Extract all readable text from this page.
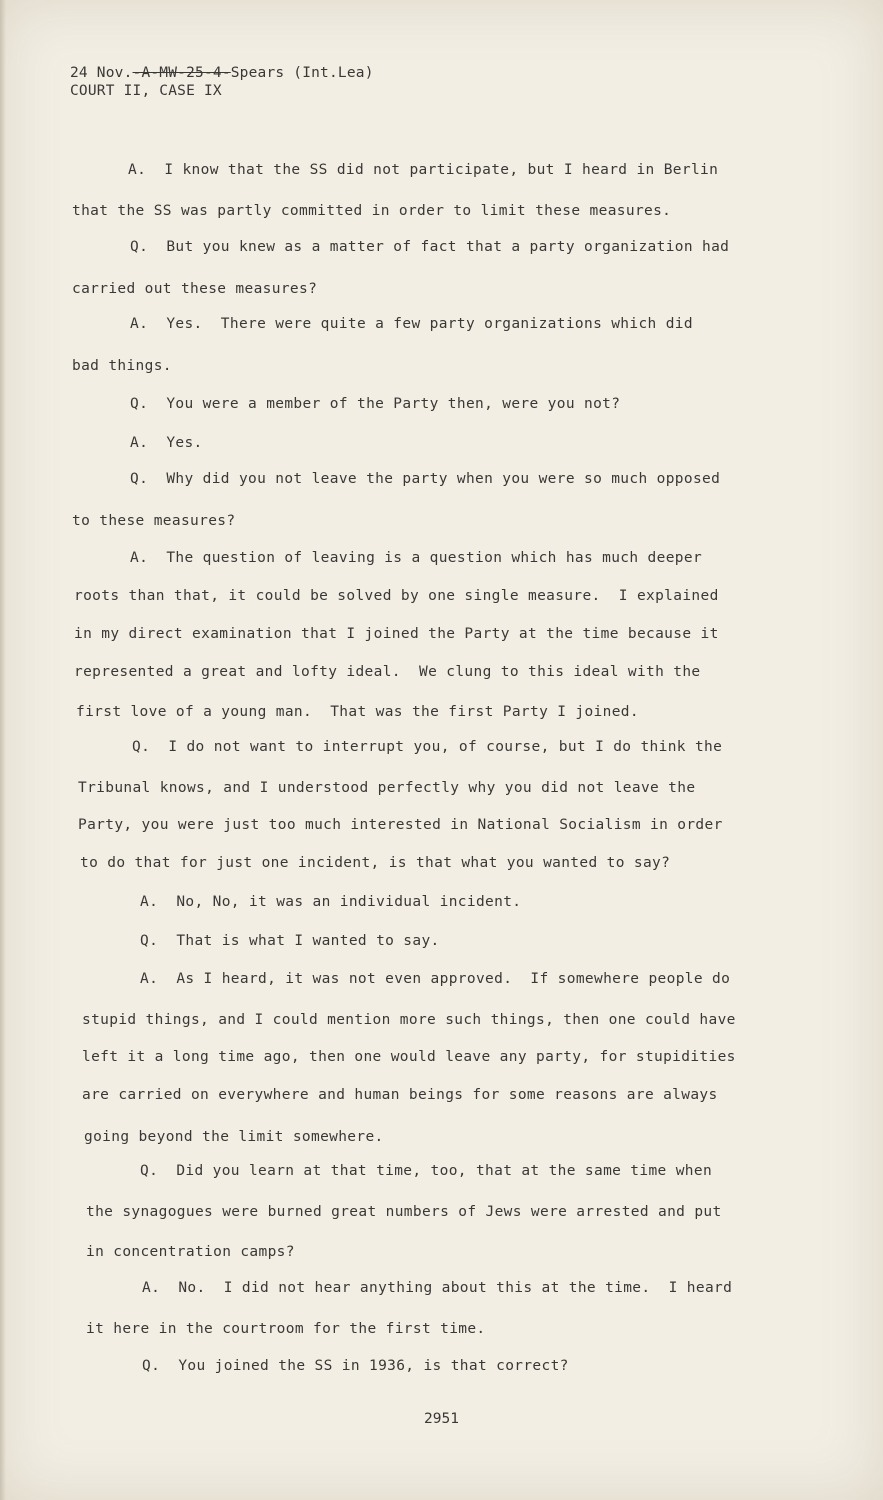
24 Nov.-A-MW-25-4-Spears (Int.Lea)
COURT II, CASE IX
A.  I know that the SS did not participate, but I heard in Berlin
that the SS was partly committed in order to limit these measures.
Q.  But you knew as a matter of fact that a party organization had
carried out these measures?
A.  Yes.  There were quite a few party organizations which did
bad things.
Q.  You were a member of the Party then, were you not?
A.  Yes.
Q.  Why did you not leave the party when you were so much opposed
to these measures?
A.  The question of leaving is a question which has much deeper
roots than that, it could be solved by one single measure.  I explained
in my direct examination that I joined the Party at the time because it
represented a great and lofty ideal.  We clung to this ideal with the
first love of a young man.  That was the first Party I joined.
Q.  I do not want to interrupt you, of course, but I do think the
Tribunal knows, and I understood perfectly why you did not leave the
Party, you were just too much interested in National Socialism in order
to do that for just one incident, is that what you wanted to say?
A.  No, No, it was an individual incident.
Q.  That is what I wanted to say.
A.  As I heard, it was not even approved.  If somewhere people do
stupid things, and I could mention more such things, then one could have
left it a long time ago, then one would leave any party, for stupidities
are carried on everywhere and human beings for some reasons are always
going beyond the limit somewhere.
Q.  Did you learn at that time, too, that at the same time when
the synagogues were burned great numbers of Jews were arrested and put
in concentration camps?
A.  No.  I did not hear anything about this at the time.  I heard
it here in the courtroom for the first time.
Q.  You joined the SS in 1936, is that correct?
2951
